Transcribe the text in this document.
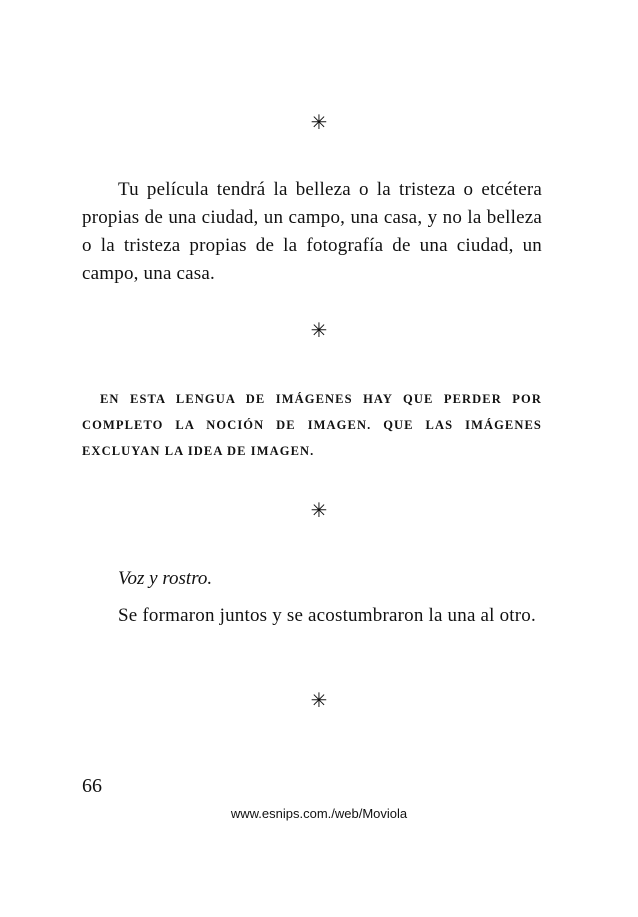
✳

Tu película tendrá la belleza o la tristeza o etcétera propias de una ciudad, un campo, una casa, y no la belleza o la tristeza propias de la fotografía de una ciudad, un campo, una casa.

✳

EN ESTA LENGUA DE IMÁGENES HAY QUE PERDER POR COMPLETO LA NOCIÓN DE IMAGEN. QUE LAS IMÁGENES EXCLUYAN LA IDEA DE IMAGEN.

✳

Voz y rostro.

Se formaron juntos y se acostumbraron la una al otro.

✳
66
www.esnips.com./web/Moviola
